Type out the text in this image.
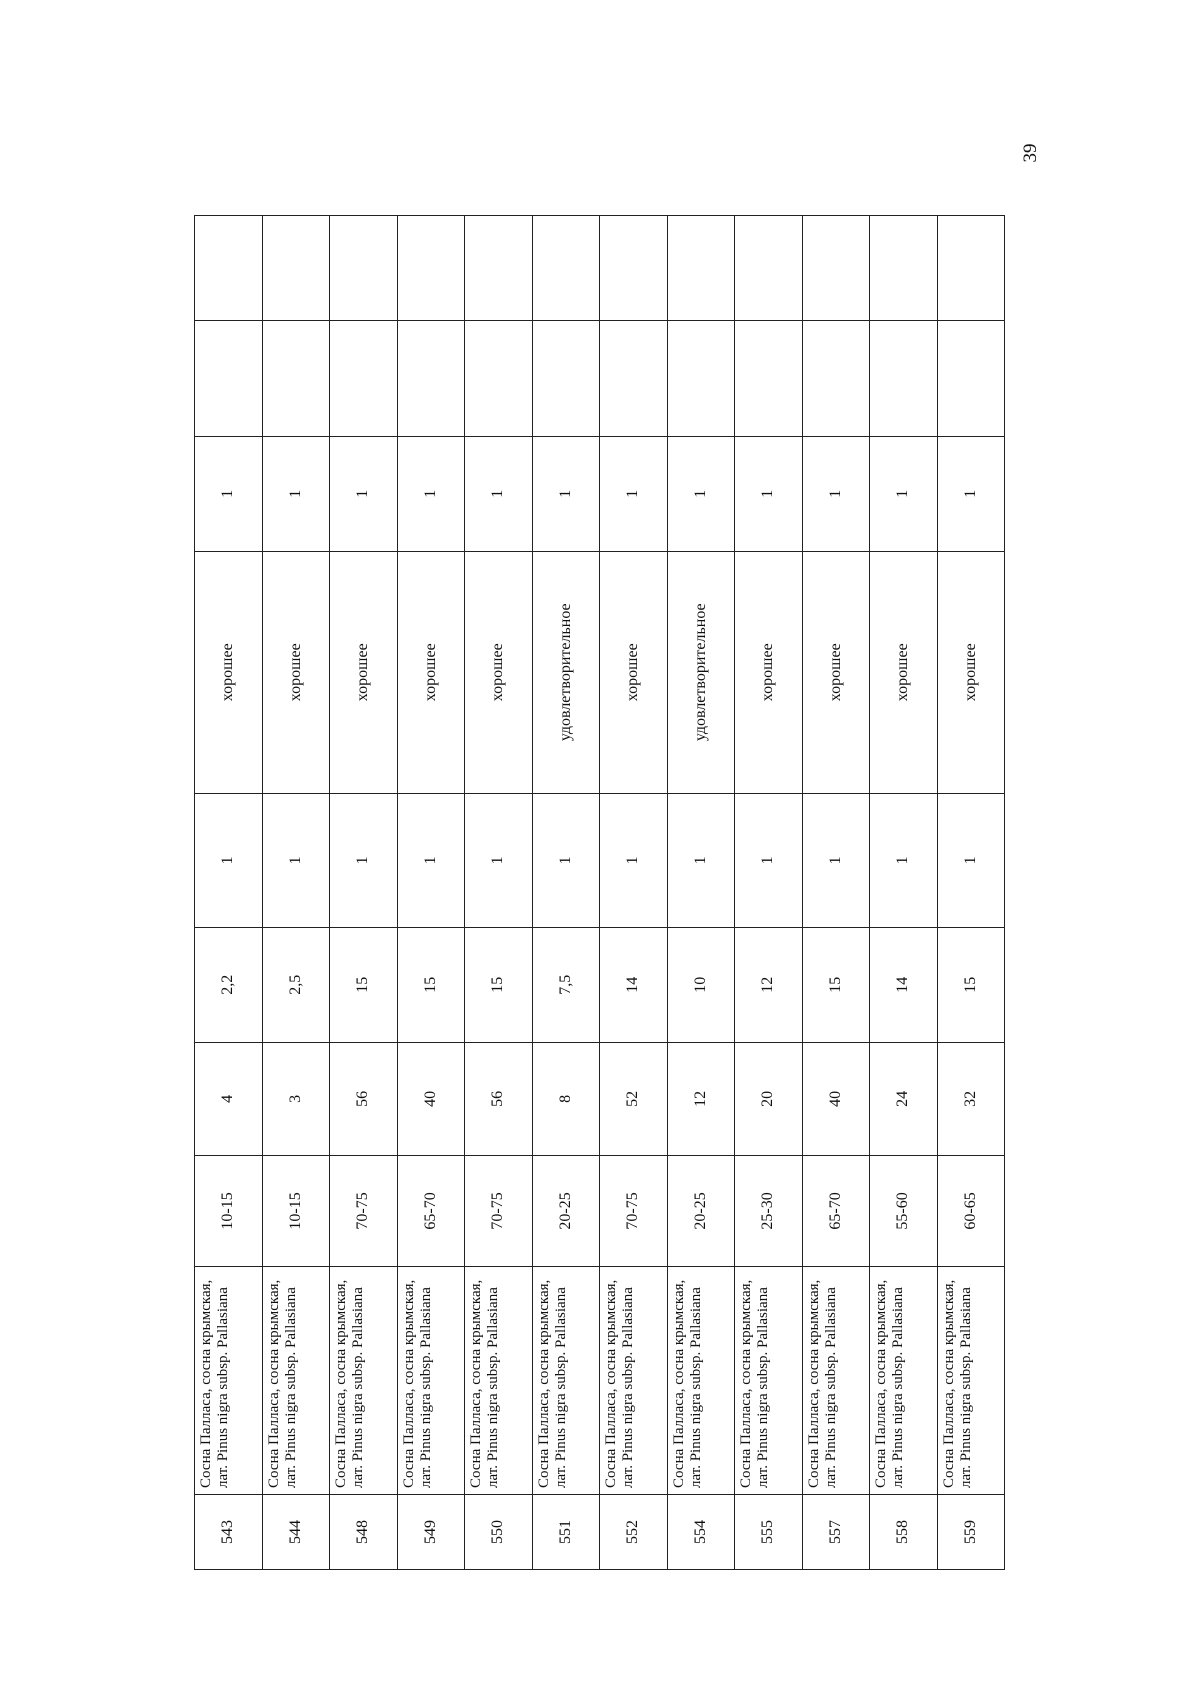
39
543	Сосна Палласа, сосна крымская, лат. Pinus nigra subsp. Pallasiana	10-15	4	2,2	1	хорошее	1		
544	Сосна Палласа, сосна крымская, лат. Pinus nigra subsp. Pallasiana	10-15	3	2,5	1	хорошее	1		
548	Сосна Палласа, сосна крымская, лат. Pinus nigra subsp. Pallasiana	70-75	56	15	1	хорошее	1		
549	Сосна Палласа, сосна крымская, лат. Pinus nigra subsp. Pallasiana	65-70	40	15	1	хорошее	1		
550	Сосна Палласа, сосна крымская, лат. Pinus nigra subsp. Pallasiana	70-75	56	15	1	хорошее	1		
551	Сосна Палласа, сосна крымская, лат. Pinus nigra subsp. Pallasiana	20-25	8	7,5	1	удовлетворительное	1		
552	Сосна Палласа, сосна крымская, лат. Pinus nigra subsp. Pallasiana	70-75	52	14	1	хорошее	1		
554	Сосна Палласа, сосна крымская, лат. Pinus nigra subsp. Pallasiana	20-25	12	10	1	удовлетворительное	1		
555	Сосна Палласа, сосна крымская, лат. Pinus nigra subsp. Pallasiana	25-30	20	12	1	хорошее	1		
557	Сосна Палласа, сосна крымская, лат. Pinus nigra subsp. Pallasiana	65-70	40	15	1	хорошее	1		
558	Сосна Палласа, сосна крымская, лат. Pinus nigra subsp. Pallasiana	55-60	24	14	1	хорошее	1		
559	Сосна Палласа, сосна крымская, лат. Pinus nigra subsp. Pallasiana	60-65	32	15	1	хорошее	1		
